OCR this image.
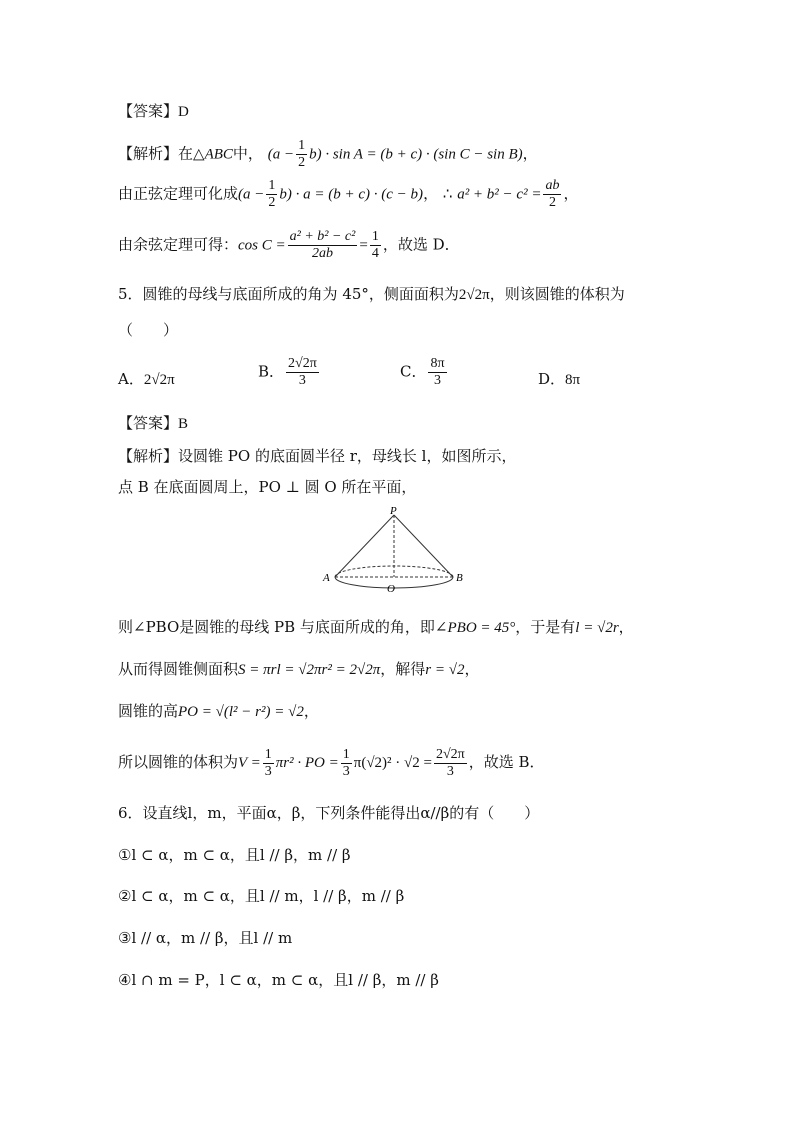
【答案】D
【解析】在△ABC中， $(a - \frac{1}{2} b) \cdot \sin A = (b + c) \cdot (\sin$ C − sin B)，
由正弦定理可化成$(a - \frac{1}{2} b) \cdot a = (b + c) \cdot (c - b)$， ∴ $a^2 + b^2 - c^2 = \frac{ab}{2}$ ，
由余弦定理可得：$\cos C = \frac{\text{a² + b² − c²}}{2ab} = \frac{1}{4}$ ，故选 D．
5．圆锥的母线与底面所成的角为 45°，侧面面积为2√2π，则该圆锥的体积为
（　　）
A．2√2π	B． $\frac{2√2\pi}{3}$	C． $\frac{8\pi}{3}$	D．8π
【答案】B
【解析】设圆锥 PO 的底面圆半径 r，母线长 l，如图所示，
点 B 在底面圆周上，PO ⊥ 圆 O 所在平面，
P
A	B
O
则∠PBO是圆锥的母线 PB 与底面所成的角，即∠PBO = 45°，于是有l = √2r，
从而得圆锥侧面积S = πrl = √2πr² = 2√2π，解得r = √2，
圆锥的高PO = √(l² − r²) = √2，
所以圆锥的体积为$V = \frac{1}{3} \pi r^2$ · PO = $\frac{1}{3} \pi(√2)^2 \cdot √2 = \frac{2√2\pi}{3}$ ，故选 B．
6．设直线l，m，平面α，β，下列条件能得出α//β的有（　　）
①l ⊂ α，m ⊂ α，且l // β，m // β
②l ⊂ α，m ⊂ α，且l // m，l // β，m // β
③l // α，m // β，且l // m
④l ∩ m = P，l ⊂ α，m ⊂ α，且l // β，m // β
